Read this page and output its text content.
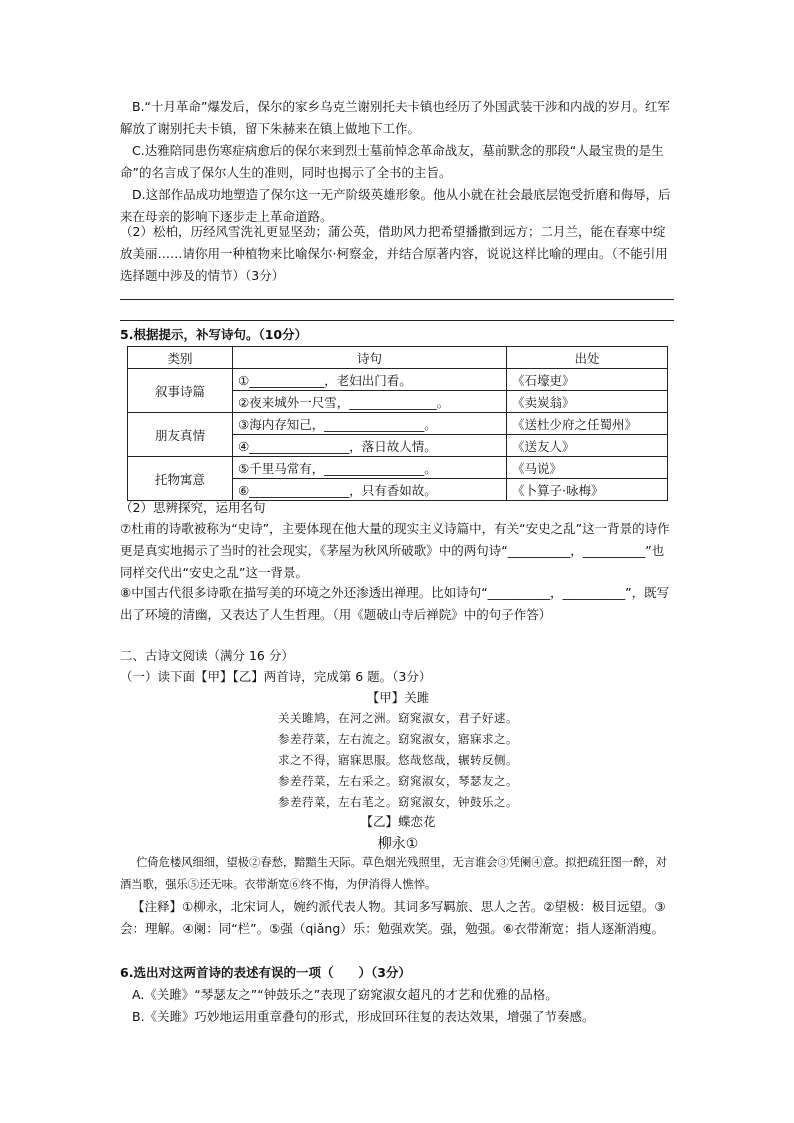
B.“十月革命”爆发后，保尔的家乡乌克兰谢别托夫卡镇也经历了外国武装干涉和内战的岁月。红军解放了谢别托夫卡镇，留下朱赫来在镇上做地下工作。

C.达雅陪同患伤寒症病愈后的保尔来到烈士墓前悼念革命战友，墓前默念的那段“人最宝贵的是生命”的名言成了保尔人生的准则，同时也揭示了全书的主旨。

D.这部作品成功地塑造了保尔这一无产阶级英雄形象。他从小就在社会最底层饱受折磨和侮辱，后来在母亲的影响下逐步走上革命道路。

（2）松柏，历经风雪洗礼更显坚劲；蒲公英，借助风力把希望播撒到远方；二月兰，能在春寒中绽放美丽……请你用一种植物来比喻保尔·柯察金，并结合原著内容，说说这样比喻的理由。（不能引用选择题中涉及的情节）（3分）

5.根据提示，补写诗句。（10分）

类别	诗句	出处
叙事诗篇	①____________，老妇出门看。	《石壕吏》
	②夜来城外一尺雪，______________。	《卖炭翁》
朋友真情	③海内存知己，________________。	《送杜少府之任蜀州》
	④________________，落日故人情。	《送友人》
托物寓意	⑤千里马常有，________________。	《马说》
	⑥________________，只有香如故。	《卜算子·咏梅》

（2）思辨探究，运用名句

⑦杜甫的诗歌被称为“史诗”，主要体现在他大量的现实主义诗篇中，有关“安史之乱”这一背景的诗作更是真实地揭示了当时的社会现实，《茅屋为秋风所破歌》中的两句诗“__________，__________”也同样交代出“安史之乱”这一背景。

⑧中国古代很多诗歌在描写美的环境之外还渗透出禅理。比如诗句“__________，__________”，既写出了环境的清幽，又表达了人生哲理。（用《题破山寺后禅院》中的句子作答）

二、古诗文阅读（满分 16 分）

（一）读下面【甲】【乙】两首诗，完成第 6 题。（3分）

【甲】关雎
关关雎鸠，在河之洲。窈窕淑女，君子好逑。
参差荇菜，左右流之。窈窕淑女，寤寐求之。
求之不得，寤寐思服。悠哉悠哉，辗转反侧。
参差荇菜，左右采之。窈窕淑女，琴瑟友之。
参差荇菜，左右芼之。窈窕淑女，钟鼓乐之。
【乙】蝶恋花
柳永①

伫倚危楼风细细，望极②春愁，黯黯生天际。草色烟光残照里，无言谁会③凭阑④意。拟把疏狂图一醉，对酒当歌，强乐⑤还无味。衣带渐宽⑥终不悔，为伊消得人憔悴。

【注释】①柳永，北宋词人，婉约派代表人物。其词多写羁旅、思人之苦。②望极：极目远望。③会：理解。④阑：同“栏”。⑤强（qiǎng）乐：勉强欢笑。强，勉强。⑥衣带渐宽：指人逐渐消瘦。

6.选出对这两首诗的表述有误的一项（　　）（3分）

A.《关雎》“琴瑟友之”“钟鼓乐之”表现了窈窕淑女超凡的才艺和优雅的品格。

B.《关雎》巧妙地运用重章叠句的形式，形成回环往复的表达效果，增强了节奏感。
